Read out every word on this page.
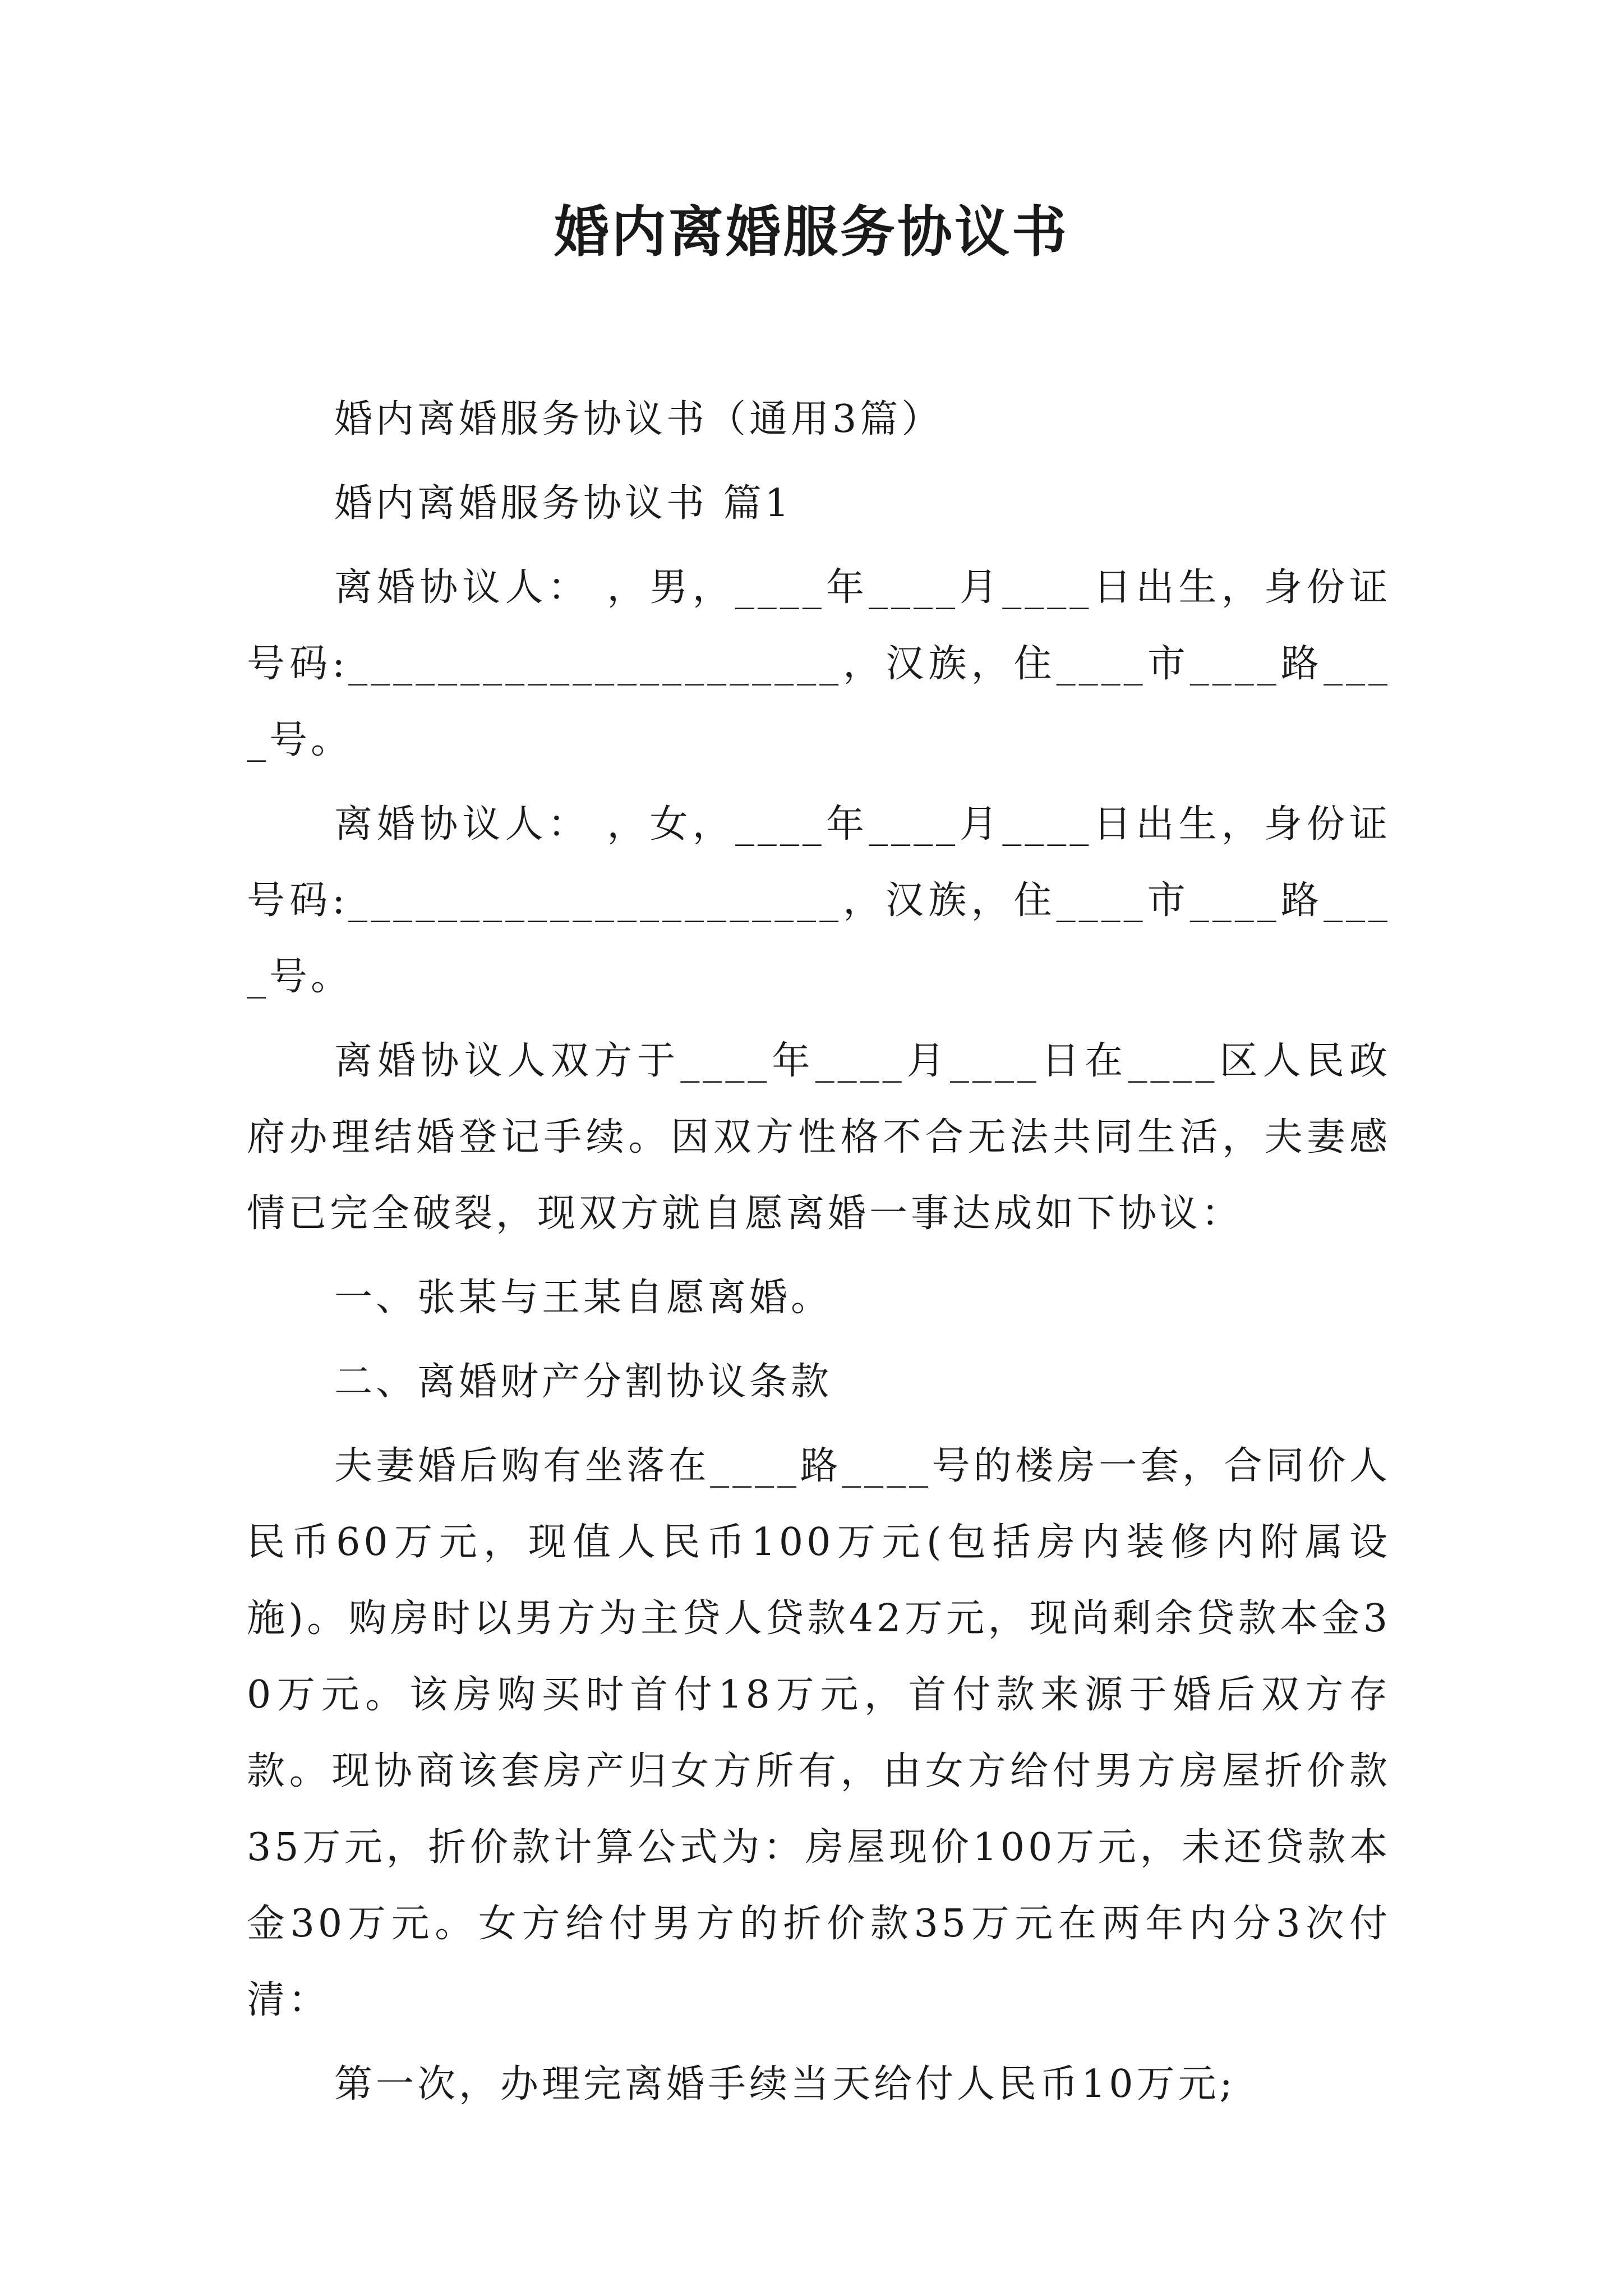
婚内离婚服务协议书

婚内离婚服务协议书（通用3篇）

婚内离婚服务协议书 篇1

离婚协议人： ，男，____年____月____日出生，身份证号码:______________________，汉族，住____市____路____号。

离婚协议人： ，女，____年____月____日出生，身份证号码:______________________，汉族，住____市____路____号。

离婚协议人双方于____年____月____日在____区人民政府办理结婚登记手续。因双方性格不合无法共同生活，夫妻感情已完全破裂，现双方就自愿离婚一事达成如下协议：

一、张某与王某自愿离婚。

二、离婚财产分割协议条款

夫妻婚后购有坐落在____路____号的楼房一套，合同价人民币60万元，现值人民币100万元(包括房内装修内附属设施)。购房时以男方为主贷人贷款42万元，现尚剩余贷款本金30万元。该房购买时首付18万元，首付款来源于婚后双方存款。现协商该套房产归女方所有，由女方给付男方房屋折价款35万元，折价款计算公式为：房屋现价100万元，未还贷款本金30万元。女方给付男方的折价款35万元在两年内分3次付清：

第一次，办理完离婚手续当天给付人民币10万元;
